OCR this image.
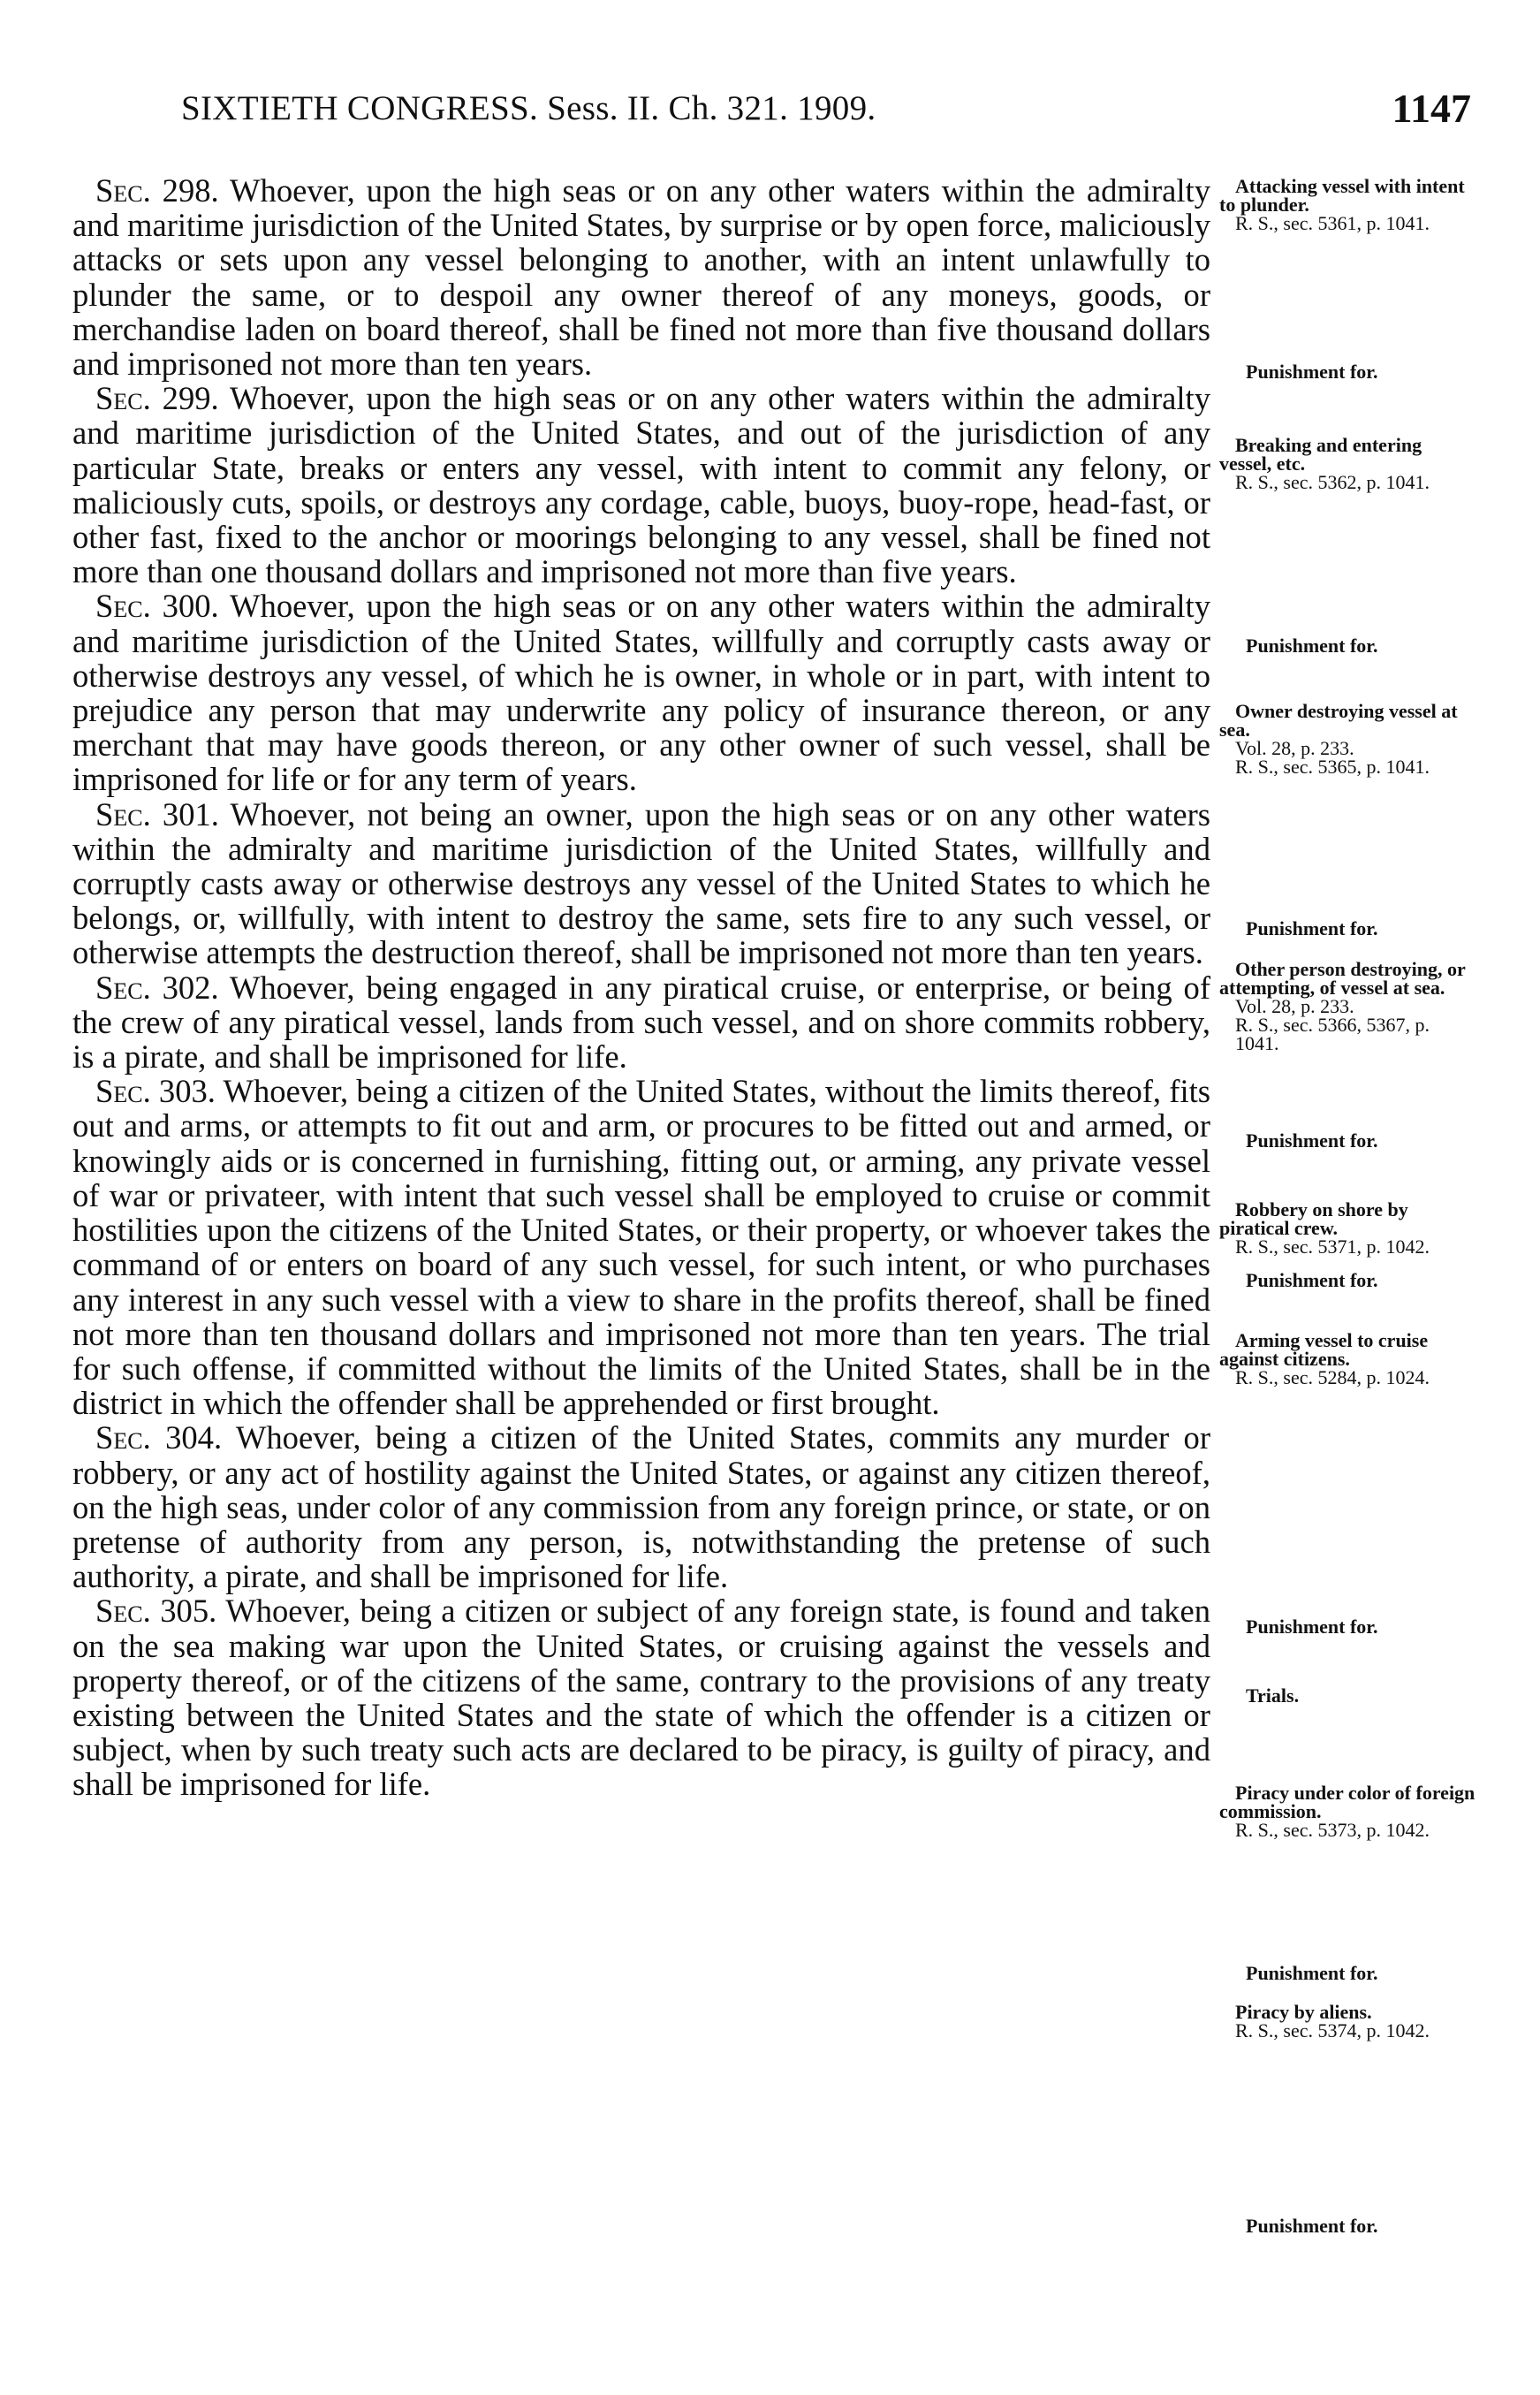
SIXTIETH CONGRESS. Sess. II. Ch. 321. 1909.	1147

Sec. 298. Whoever, upon the high seas or on any other waters within the admiralty and maritime jurisdiction of the United States, by surprise or by open force, maliciously attacks or sets upon any vessel belonging to another, with an intent unlawfully to plunder the same, or to despoil any owner thereof of any moneys, goods, or merchandise laden on board thereof, shall be fined not more than five thousand dollars and imprisoned not more than ten years.

Sec. 299. Whoever, upon the high seas or on any other waters within the admiralty and maritime jurisdiction of the United States, and out of the jurisdiction of any particular State, breaks or enters any vessel, with intent to commit any felony, or maliciously cuts, spoils, or destroys any cordage, cable, buoys, buoy-rope, head-fast, or other fast, fixed to the anchor or moorings belonging to any vessel, shall be fined not more than one thousand dollars and imprisoned not more than five years.

Sec. 300. Whoever, upon the high seas or on any other waters within the admiralty and maritime jurisdiction of the United States, willfully and corruptly casts away or otherwise destroys any vessel, of which he is owner, in whole or in part, with intent to prejudice any person that may underwrite any policy of insurance thereon, or any merchant that may have goods thereon, or any other owner of such vessel, shall be imprisoned for life or for any term of years.

Sec. 301. Whoever, not being an owner, upon the high seas or on any other waters within the admiralty and maritime jurisdiction of the United States, willfully and corruptly casts away or otherwise destroys any vessel of the United States to which he belongs, or, willfully, with intent to destroy the same, sets fire to any such vessel, or otherwise attempts the destruction thereof, shall be imprisoned not more than ten years.

Sec. 302. Whoever, being engaged in any piratical cruise, or enterprise, or being of the crew of any piratical vessel, lands from such vessel, and on shore commits robbery, is a pirate, and shall be imprisoned for life.

Sec. 303. Whoever, being a citizen of the United States, without the limits thereof, fits out and arms, or attempts to fit out and arm, or procures to be fitted out and armed, or knowingly aids or is concerned in furnishing, fitting out, or arming, any private vessel of war or privateer, with intent that such vessel shall be employed to cruise or commit hostilities upon the citizens of the United States, or their property, or whoever takes the command of or enters on board of any such vessel, for such intent, or who purchases any interest in any such vessel with a view to share in the profits thereof, shall be fined not more than ten thousand dollars and imprisoned not more than ten years. The trial for such offense, if committed without the limits of the United States, shall be in the district in which the offender shall be apprehended or first brought.

Sec. 304. Whoever, being a citizen of the United States, commits any murder or robbery, or any act of hostility against the United States, or against any citizen thereof, on the high seas, under color of any commission from any foreign prince, or state, or on pretense of authority from any person, is, notwithstanding the pretense of such authority, a pirate, and shall be imprisoned for life.

Sec. 305. Whoever, being a citizen or subject of any foreign state, is found and taken on the sea making war upon the United States, or cruising against the vessels and property thereof, or of the citizens of the same, contrary to the provisions of any treaty existing between the United States and the state of which the offender is a citizen or subject, when by such treaty such acts are declared to be piracy, is guilty of piracy, and shall be imprisoned for life.

Attacking vessel with intent to plunder.
R. S., sec. 5361, p. 1041.
Punishment for.
Breaking and entering vessel, etc.
R. S., sec. 5362, p. 1041.
Punishment for.
Owner destroying vessel at sea.
Vol. 28, p. 233.
R. S., sec. 5365, p. 1041.
Punishment for.
Other person destroying, or attempting, of vessel at sea.
Vol. 28, p. 233.
R. S., sec. 5366, 5367, p. 1041.
Punishment for.
Robbery on shore by piratical crew.
R. S., sec. 5371, p. 1042.
Punishment for.
Arming vessel to cruise against citizens.
R. S., sec. 5284, p. 1024.
Punishment for.
Trials.
Piracy under color of foreign commission.
R. S., sec. 5373, p. 1042.
Punishment for.
Piracy by aliens.
R. S., sec. 5374, p. 1042.
Punishment for.
